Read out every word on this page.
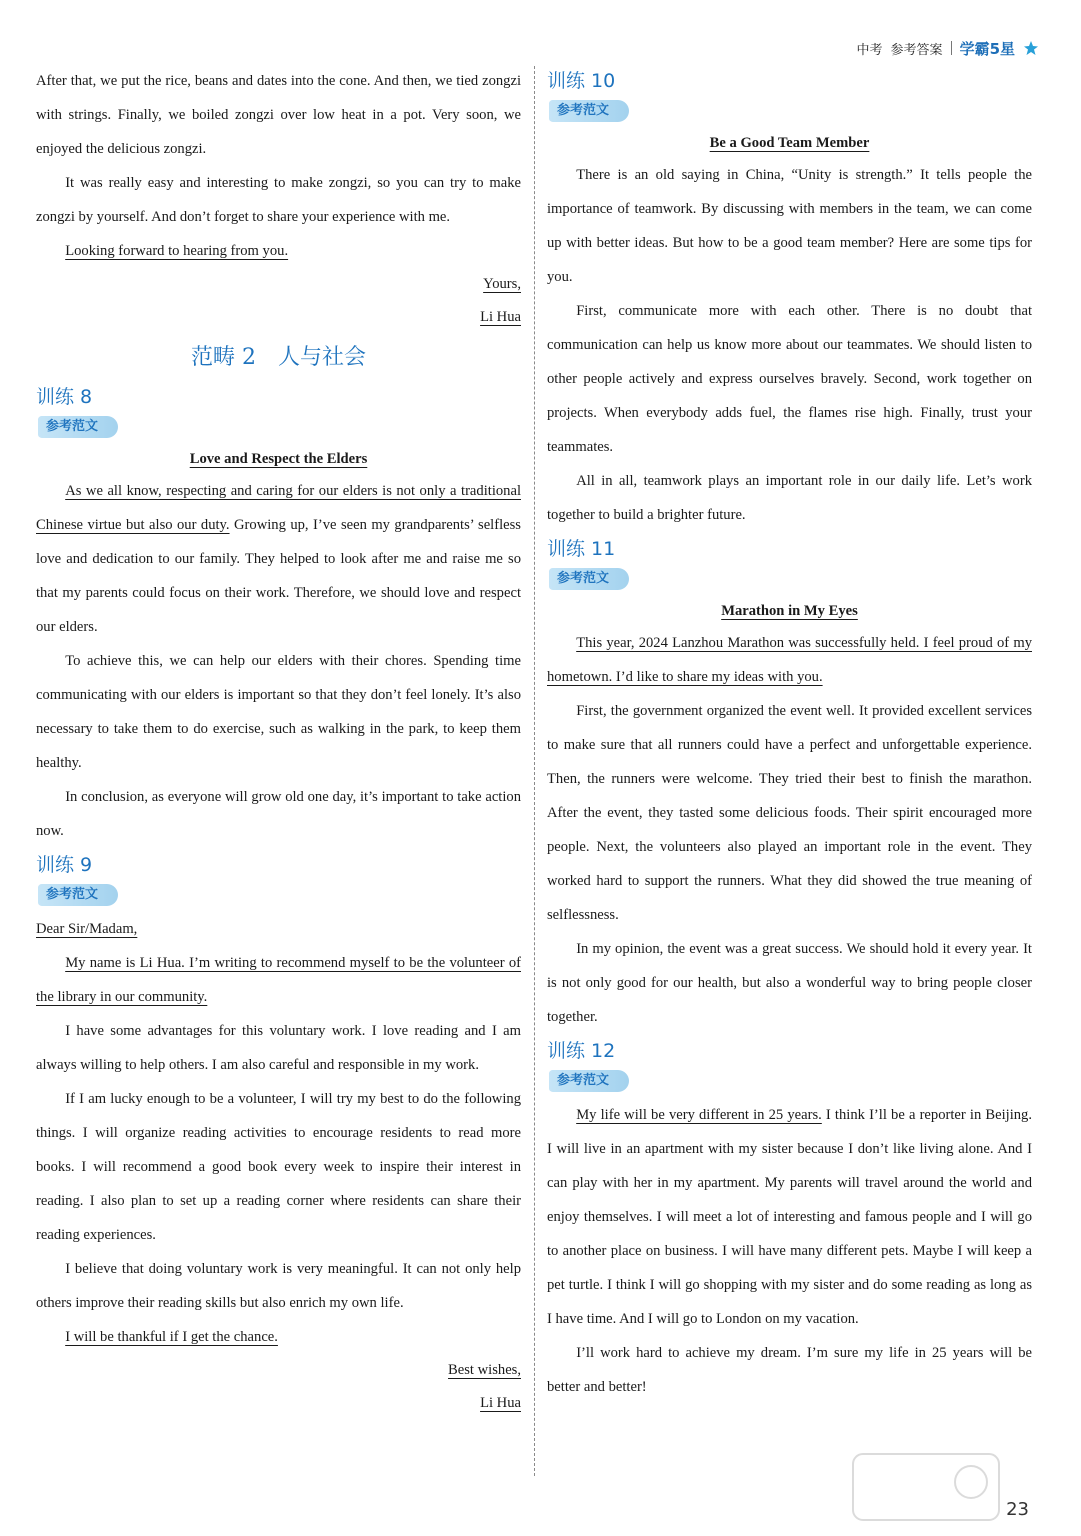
中考 参考答案 学霸5星

After that, we put the rice, beans and dates into the cone. And then, we tied zongzi with strings. Finally, we boiled zongzi over low heat in a pot. Very soon, we enjoyed the delicious zongzi.

It was really easy and interesting to make zongzi, so you can try to make zongzi by yourself. And don’t forget to share your experience with me.

Looking forward to hearing from you.

Yours,
Li Hua
范畴 2 人与社会
训练 8
参考范文
Love and Respect the Elders

As we all know, respecting and caring for our elders is not only a traditional Chinese virtue but also our duty. Growing up, I’ve seen my grandparents’ selfless love and dedication to our family. They helped to look after me and raise me so that my parents could focus on their work. Therefore, we should love and respect our elders.

To achieve this, we can help our elders with their chores. Spending time communicating with our elders is important so that they don’t feel lonely. It’s also necessary to take them to do exercise, such as walking in the park, to keep them healthy.

In conclusion, as everyone will grow old one day, it’s important to take action now.

训练 9
参考范文

Dear Sir/Madam,

My name is Li Hua. I’m writing to recommend myself to be the volunteer of the library in our community.

I have some advantages for this voluntary work. I love reading and I am always willing to help others. I am also careful and responsible in my work.

If I am lucky enough to be a volunteer, I will try my best to do the following things. I will organize reading activities to encourage residents to read more books. I will recommend a good book every week to inspire their interest in reading. I also plan to set up a reading corner where residents can share their reading experiences.

I believe that doing voluntary work is very meaningful. It can not only help others improve their reading skills but also enrich my own life.

I will be thankful if I get the chance.

Best wishes,
Li Hua
训练 10
参考范文
Be a Good Team Member

There is an old saying in China, “Unity is strength.” It tells people the importance of teamwork. By discussing with members in the team, we can come up with better ideas. But how to be a good team member? Here are some tips for you.

First, communicate more with each other. There is no doubt that communication can help us know more about our teammates. We should listen to other people actively and express ourselves bravely. Second, work together on projects. When everybody adds fuel, the flames rise high. Finally, trust your teammates.

All in all, teamwork plays an important role in our daily life. Let’s work together to build a brighter future.

训练 11
参考范文
Marathon in My Eyes

This year, 2024 Lanzhou Marathon was successfully held. I feel proud of my hometown. I’d like to share my ideas with you.

First, the government organized the event well. It provided excellent services to make sure that all runners could have a perfect and unforgettable experience. Then, the runners were welcome. They tried their best to finish the marathon. After the event, they tasted some delicious foods. Their spirit encouraged more people. Next, the volunteers also played an important role in the event. They worked hard to support the runners. What they did showed the true meaning of selflessness.

In my opinion, the event was a great success. We should hold it every year. It is not only good for our health, but also a wonderful way to bring people closer together.

训练 12
参考范文

My life will be very different in 25 years. I think I’ll be a reporter in Beijing. I will live in an apartment with my sister because I don’t like living alone. And I can play with her in my apartment. My parents will travel around the world and enjoy themselves. I will meet a lot of interesting and famous people and I will go to another place on business. I will have many different pets. Maybe I will keep a pet turtle. I think I will go shopping with my sister and do some reading as long as I have time. And I will go to London on my vacation.

I’ll work hard to achieve my dream. I’m sure my life in 25 years will be better and better!

23
